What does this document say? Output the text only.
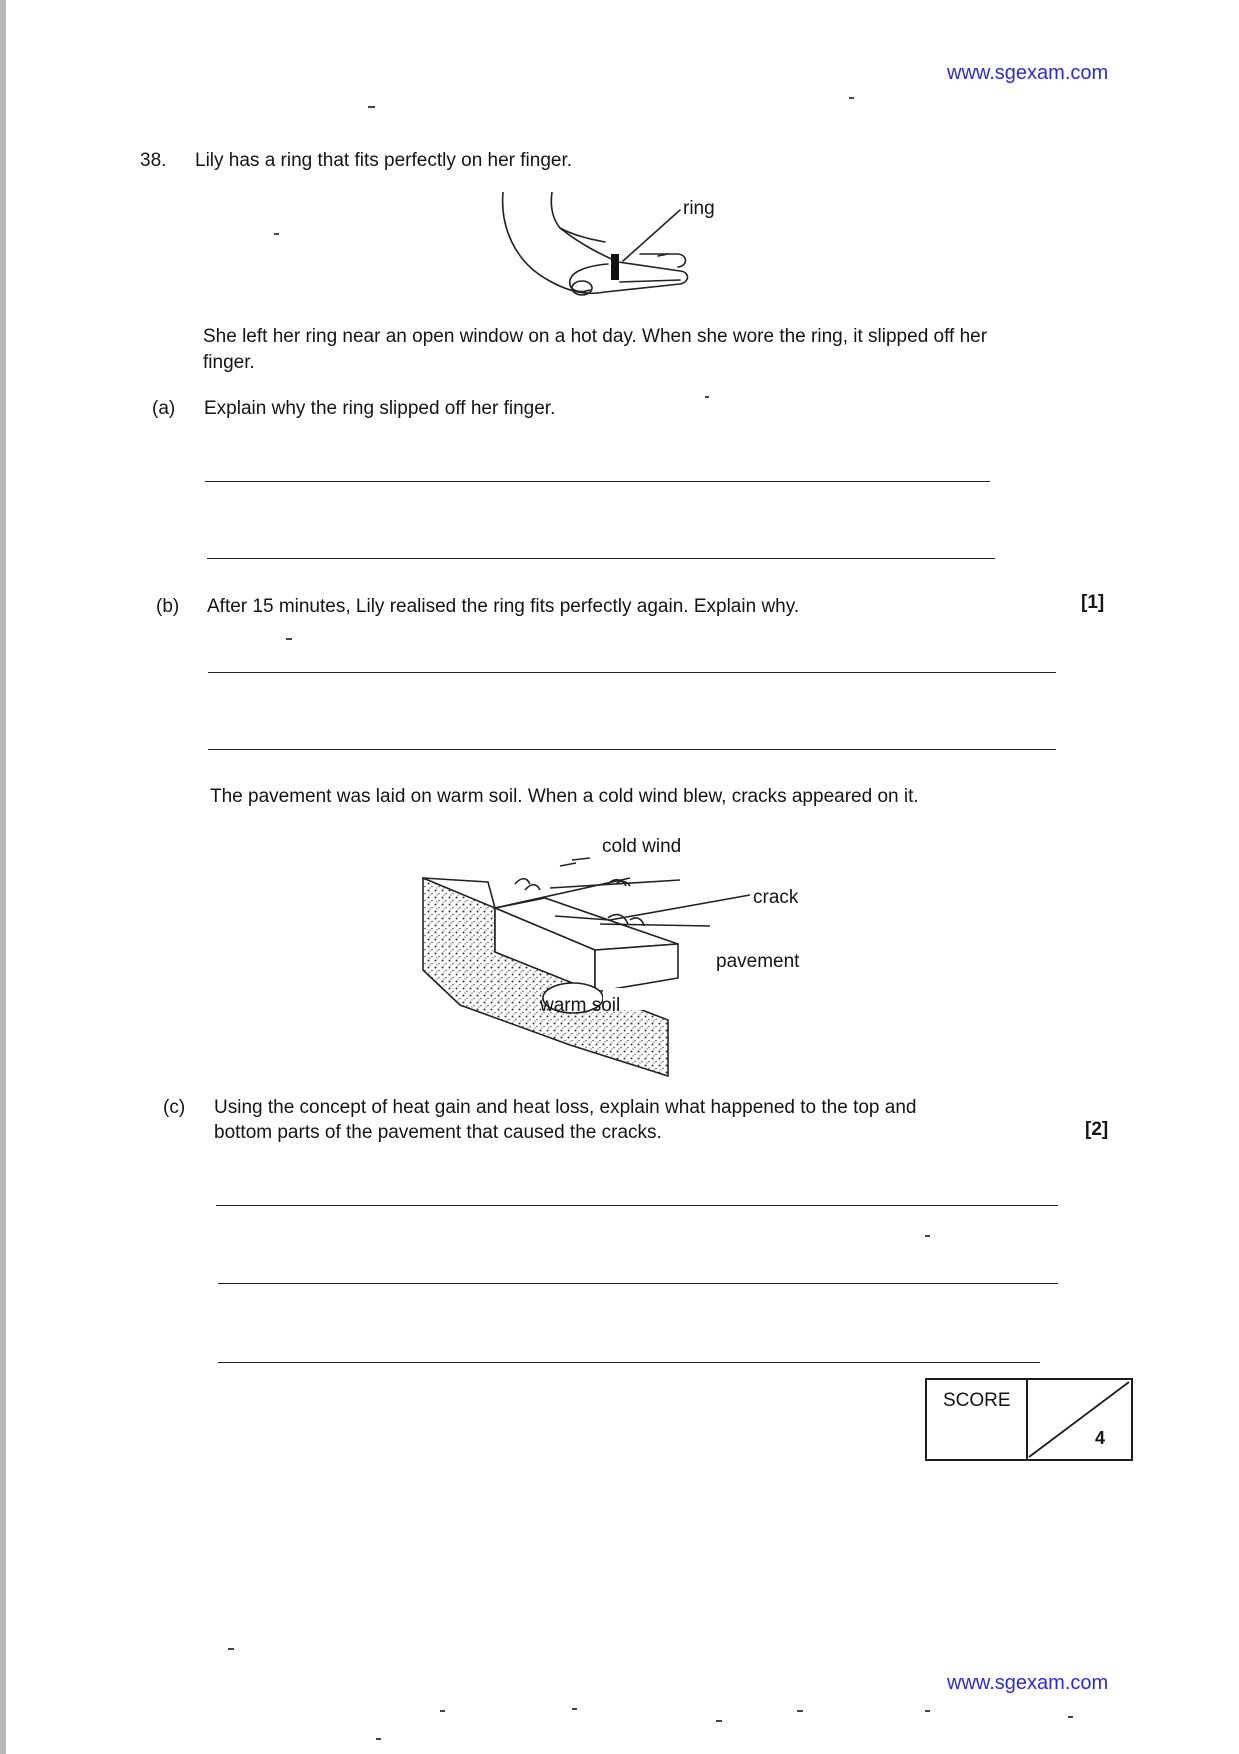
www.sgexam.com
38. Lily has a ring that fits perfectly on her finger.
ring
She left her ring near an open window on a hot day. When she wore the ring, it slipped off her finger.
(a) Explain why the ring slipped off her finger.
(b) After 15 minutes, Lily realised the ring fits perfectly again. Explain why.	[1]
The pavement was laid on warm soil. When a cold wind blew, cracks appeared on it.
cold wind
crack
pavement
warm soil
(c) Using the concept of heat gain and heat loss, explain what happened to the top and
bottom parts of the pavement that caused the cracks.	[2]
SCORE
4
www.sgexam.com
